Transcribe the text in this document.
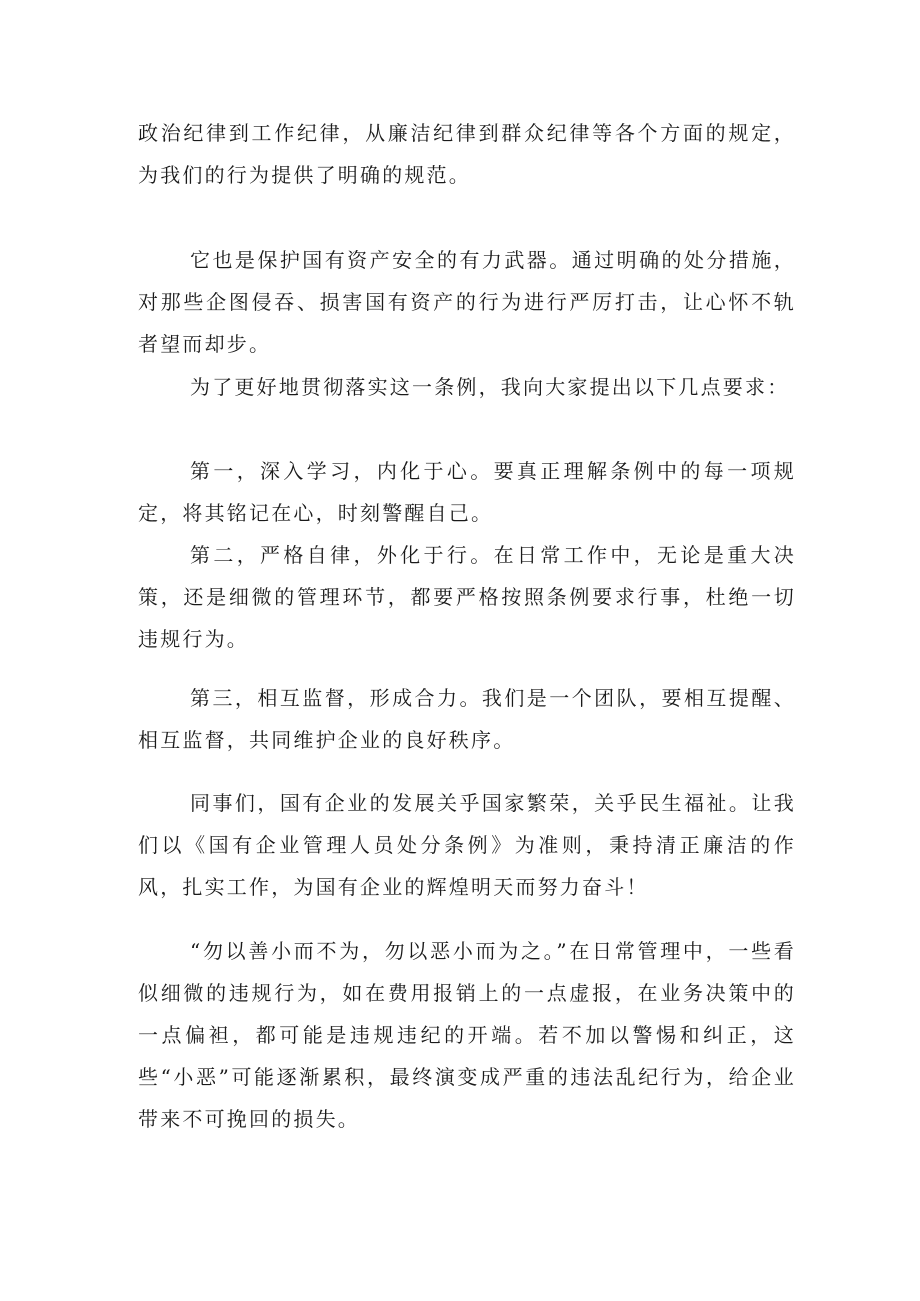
政治纪律到工作纪律，从廉洁纪律到群众纪律等各个方面的规定，为我们的行为提供了明确的规范。

它也是保护国有资产安全的有力武器。通过明确的处分措施，对那些企图侵吞、损害国有资产的行为进行严厉打击，让心怀不轨者望而却步。

为了更好地贯彻落实这一条例，我向大家提出以下几点要求：

第一，深入学习，内化于心。要真正理解条例中的每一项规定，将其铭记在心，时刻警醒自己。

第二，严格自律，外化于行。在日常工作中，无论是重大决策，还是细微的管理环节，都要严格按照条例要求行事，杜绝一切违规行为。

第三，相互监督，形成合力。我们是一个团队，要相互提醒、相互监督，共同维护企业的良好秩序。

同事们，国有企业的发展关乎国家繁荣，关乎民生福祉。让我们以《国有企业管理人员处分条例》为准则，秉持清正廉洁的作风，扎实工作，为国有企业的辉煌明天而努力奋斗！

“勿以善小而不为，勿以恶小而为之。”在日常管理中，一些看似细微的违规行为，如在费用报销上的一点虚报，在业务决策中的一点偏袒，都可能是违规违纪的开端。若不加以警惕和纠正，这些“小恶”可能逐渐累积，最终演变成严重的违法乱纪行为，给企业带来不可挽回的损失。
